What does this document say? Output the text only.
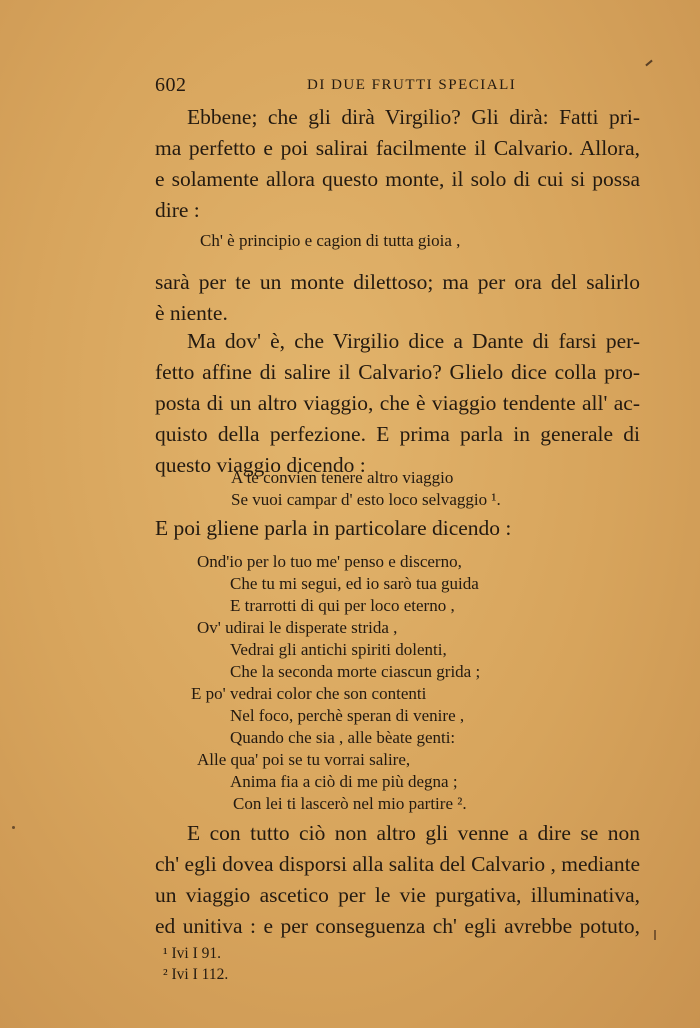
602	DI DUE FRUTTI SPECIALI

Ebbene; che gli dirà Virgilio? Gli dirà: Fatti pri-
ma perfetto e poi salirai facilmente il Calvario. Allora,
e solamente allora questo monte, il solo di cui si possa
dire :

Ch' è principio e cagion di tutta gioia ,

sarà per te un monte dilettoso; ma per ora del salirlo
è niente.

Ma dov' è, che Virgilio dice a Dante di farsi per-
fetto affine di salire il Calvario? Glielo dice colla pro-
posta di un altro viaggio, che è viaggio tendente all' ac-
quisto della perfezione. E prima parla in generale di
questo viaggio dicendo :

A te convien tenere altro viaggio
Se vuoi campar d' esto loco selvaggio ¹.

E poi gliene parla in particolare dicendo :

Ond'io per lo tuo me' penso e discerno,
Che tu mi segui, ed io sarò tua guida
E trarrotti di qui per loco eterno ,
Ov' udirai le disperate strida ,
Vedrai gli antichi spiriti dolenti,
Che la seconda morte ciascun grida ;
E po' vedrai color che son contenti
Nel foco, perchè speran di venire ,
Quando che sia , alle bèate genti:
Alle qua' poi se tu vorrai salire,
Anima fia a ciò di me più degna ;
Con lei ti lascerò nel mio partire ².

E con tutto ciò non altro gli venne a dire se non
ch' egli dovea disporsi alla salita del Calvario , mediante
un viaggio ascetico per le vie purgativa, illuminativa,
ed unitiva : e per conseguenza ch' egli avrebbe potuto,

¹ Ivi I 91.
² Ivi I 112.
